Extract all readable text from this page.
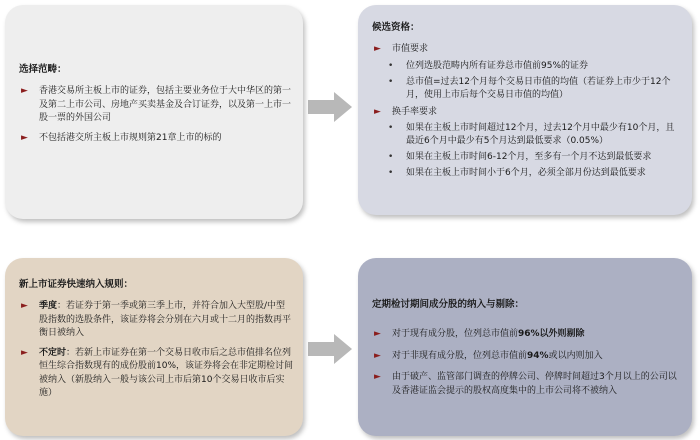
选择范畴：
► 香港交易所主板上市的证券，包括主要业务位于大中华区的第一及第二上市公司、房地产买卖基金及合订证券，以及第一上市一股一票的外国公司
► 不包括港交所主板上市规则第21章上市的标的
候选资格：
► 市值要求
• 位列选股范畴内所有证券总市值前95%的证券
• 总市值=过去12个月每个交易日市值的均值（若证券上市少于12个月，使用上市后每个交易日市值的均值）
► 换手率要求
• 如果在主板上市时间超过12个月，过去12个月中最少有10个月，且最近6个月中最少有5个月达到最低要求（0.05%）
• 如果在主板上市时间6-12个月，至多有一个月不达到最低要求
• 如果在主板上市时间小于6个月，必须全部月份达到最低要求
新上市证券快速纳入规则：
► 季度：若证券于第一季或第三季上市，并符合加入大型股/中型股指数的选股条件，该证券将会分别在六月或十二月的指数再平衡日被纳入
► 不定时：若新上市证券在第一个交易日收市后之总市值排名位列恒生综合指数现有的成份股前10%，该证券将会在非定期检讨间被纳入（新股纳入一般与该公司上市后第10个交易日收市后实施）
定期检讨期间成分股的纳入与剔除：
► 对于现有成分股，位列总市值前96%以外则剔除
► 对于非现有成分股，位列总市值前94%或以内则加入
► 由于破产、监管部门调查的停牌公司、停牌时间超过3个月以上的公司以及香港证监会提示的股权高度集中的上市公司将不被纳入
